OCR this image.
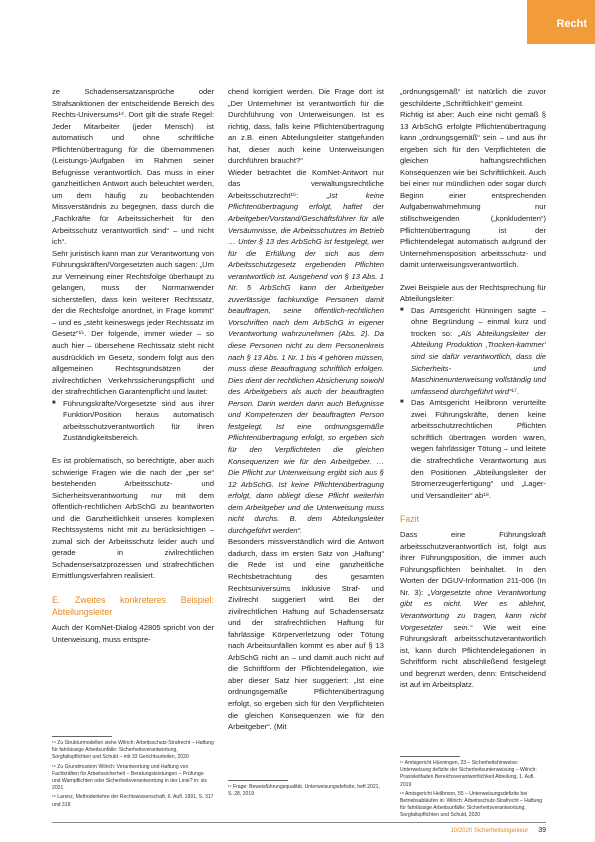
Recht

ze Schadensersatzansprüche oder Strafsanktionen der entscheidende Bereich des Rechts-Universums¹⁴. Dort gilt die strafe Regel: Jeder Mitarbeiter (jeder Mensch) ist automatisch und ohne schriftliche Pflichtenübertragung für die übernommenen (Leistungs-)Aufgaben im Rahmen seiner Befugnisse verantwortlich. Das muss in einer ganzheitlichen Antwort auch beleuchtet werden, um dem häufig zu beobachtenden Missverständnis zu begegnen, dass durch die „Fachkräfte für Arbeitssicherheit für den Arbeitsschutz verantwortlich sind“ – und nicht ich“.

Sehr juristisch kann man zur Verantwortung von Führungskräften/Vorgesetzten auch sagen: „Um zur Verneinung einer Rechtsfolge überhaupt zu gelangen, muss der Normanwender sicherstellen, dass kein weiterer Rechtssatz, der die Rechtsfolge anordnet, in Frage kommt“ – und es „steht keineswegs jeder Rechtssatz im Gesetz“¹⁵. Der folgende, immer wieder – so auch hier – übersehene Rechtssatz steht nicht ausdrücklich im Gesetz, sondern folgt aus den allgemeinen Rechtsgrundsätzen der zivilrechtlichen Verkehrssicherungspflicht und der strafrechtlichen Garantenpflicht und lautet:

■ Führungskräfte/Vorgesetzte sind aus ihrer Funktion/Position heraus automatisch arbeitsschutzverantwortlich für ihren Zuständigkeitsbereich.

Es ist problematisch, so berechtigte, aber auch schwierige Fragen wie die nach der „per se“ bestehenden Arbeitsschutz- und Sicherheitsverantwortung nur mit dem öffentlich-rechtlichen ArbSchG zu beantworten und die Ganzheitlichkeit unseres komplexen Rechtssystems nicht mit zu berücksichtigen – zumal sich der Arbeitsschutz leider auch und gerade in zivilrechtlichen Schadensersatzprozessen und strafrechtlichen Ermittlungsverfahren realisiert.

E. Zweites konkreteres Beispiel: Abteilungsleiter

Auch der KomNet-Dialog 42805 spricht von der Unterweisung, muss entspre-

chend korrigiert werden. Die Frage dort ist „Der Unternehmer ist verantwortlich für die Durchführung von Unterweisungen. Ist es richtig, dass, falls keine Pflichtenübertragung an z.B. einen Abteilungsleiter stattgefunden hat, dieser auch keine Unterweisungen durchführen braucht?“

Wieder betrachtet die KomNet-Antwort nur das verwaltungsrechtliche Arbeitsschutzrecht¹⁶: „Ist keine Pflichtenübertragung erfolgt, haftet der Arbeitgeber/Vorstand/Geschäftsführer für alle Versäumnisse, die Arbeitsschutzes im Betrieb … Unter § 13 des ArbSchG ist festgelegt, wer für die Erfüllung der sich aus dem Arbeitsschutzgesetz ergebenden Pflichten verantwortlich ist. Ausgehend von § 13 Abs. 1 Nr. 5 ArbSchG kann der Arbeitgeber zuverlässige fachkundige Personen damit beauftragen, seine öffentlich-rechtlichen Vorschriften nach dem ArbSchG in eigener Verantwortung wahrzunehmen (Abs. 2). Da diese Personen nicht zu dem Personenkreis nach § 13 Abs. 1 Nr. 1 bis 4 gehören müssen, muss diese Beauftragung schriftlich erfolgen. Dies dient der rechtlichen Absicherung sowohl des Arbeitgebers als auch der beauftragten Person. Darin werden dann auch Befugnisse und Kompetenzen der beauftragten Person festgelegt. Ist eine ordnungsgemäße Pflichtenübertragung erfolgt, so ergeben sich für den Verpflichteten die gleichen Konsequenzen wie für den Arbeitgeber. … Die Pflicht zur Unterweisung ergibt sich aus § 12 ArbSchG. Ist keine Pflichtenübertragung erfolgt, dann obliegt diese Pflicht weiterhin dem Arbeitgeber und die Unterweisung muss nicht durchs. B. dem Abteilungsleiter durchgeführt werden“.

Besonders missverständlich wird die Antwort dadurch, dass im ersten Satz von „Haftung“ die Rede ist und eine ganzheitliche Rechtsbetrachtung des gesamten Rechtsuniversums inklusive Straf- und Zivilrecht suggeriert wird. Bei der zivilrechtlichen Haftung auf Schadensersatz und der strafrechtlichen Haftung für fahrlässige Körperverletzung oder Tötung nach Arbeitsunfällen kommt es aber auf § 13 ArbSchG nicht an – und damit auch nicht auf die Schriftform der Pflichtendelegation, wie aber dieser Satz hier suggeriert: „Ist eine ordnungsgemäße Pflichtenübertragung erfolgt, so ergeben sich für den Verpflichteten die gleichen Konsequenzen wie für den Arbeitgeber“. (Mit

„ordnungsgemäß“ ist natürlich die zuvor geschilderte „Schriftlichkeit“ gemeint.

Richtig ist aber: Auch eine nicht gemäß § 13 ArbSchG erfolgte Pflichtenübertragung kann „ordnungsgemäß“ sein – und aus ihr ergeben sich für den Verpflichteten die gleichen haftungsrechtlichen Konsequenzen wie bei Schriftlichkeit. Auch bei einer nur mündlichen oder sogar durch Beginn einer entsprechenden Aufgabenwahrnehmung nur stillschweigenden („konkludenten“) Pflichtenübertragung ist der Pflichtendelegat automatisch aufgrund der Unternehmensposition arbeitsschutz- und damit unterweisungsverantwortlich.

Zwei Beispiele aus der Rechtsprechung für Abteilungsleiter:

■ Das Amtsgericht Hünningen sagte – ohne Begründung – einmal kurz und trocken so: „Als Abteilungsleiter der Abteilung Produktion ‚Trocken-kammer‘ sind sie dafür verantwortlich, dass die Sicherheits- und Maschinenunterweisung vollständig und umfassend durchgeführt wird“¹⁷.

■ Das Amtsgericht Heilbronn verurteilte zwei Führungskräfte, denen keine arbeitsschutzrechtlichen Pflichten schriftlich übertragen worden waren, wegen fahrlässiger Tötung – und leitete die strafrechtliche Verantwortung aus den Positionen „Abteilungsleiter der Stromerzeugerfertigung“ und „Lager- und Versandleiter“ ab¹⁸.

Fazit

Dass eine Führungskraft arbeitsschutzverantwortlich ist, folgt aus ihrer Führungsposition, die immer auch Führungspflichten beinhaltet. In den Worten der DGUV-Information 211-006 (In Nr. 3): „Vorgesetzte ohne Verantwortung gibt es nicht. Wer es ablehnt, Verantwortung zu tragen, kann nicht Vorgesetzter sein.“ Wie weit eine Führungskraft arbeitsschutzverantwortlich ist, kann durch Pflichtendelegationen in Schriftform nicht abschließend festgelegt und begrenzt werden, denn: Entscheidend ist auf im Arbeitsplatz.

¹⁴ Zu Strukturmodellen siehe Wilrich: Arbeitsschutz-Strafrecht – Haftung für fahrlässige Arbeitsunfälle: Sicherheitsverantwortung, Sorgfaltspflichten und Schuld – mit 33 Gerichtsurteilen, 2020

¹⁵ Zu Grundmustern Wilrich: Verantwortung und Haftung von Fachkräften für Arbeitssicherheit – Beratungsleistungen – Prüfungs- und Warnpflichten oder Sicherheitsverantwortung in der Linie? in: sis 2021

¹⁶ Larenz, Methodenlehre der Rechtswissenschaft, 6. Aufl. 1991, S. 317 und 318

¹⁷ Frage: Beweisführungsqualität, Unterweisungsdefizite, heft 2021, S. 28, 2019

¹⁷ Amtsgericht Hünningen, 23 – Sicherheitshinweise: Unterweisung defizite der Sicherheitsunterweisung – Wilrich: Praxisleitfaden Bereichsverantwortlichkeit Abteilung, 1. Aufl. 2019

¹⁸ Amtsgericht Heilbronn, 55 – Unterweisungsdefizite bei Betriebsabläufen in: Wilrich: Arbeitsschutz-Strafrecht – Haftung für fahrlässige Arbeitsunfälle: Sicherheitsverantwortung, Sorgfaltspflichten und Schuld, 2020

10/2020 Sicherheitsingenieur 39
